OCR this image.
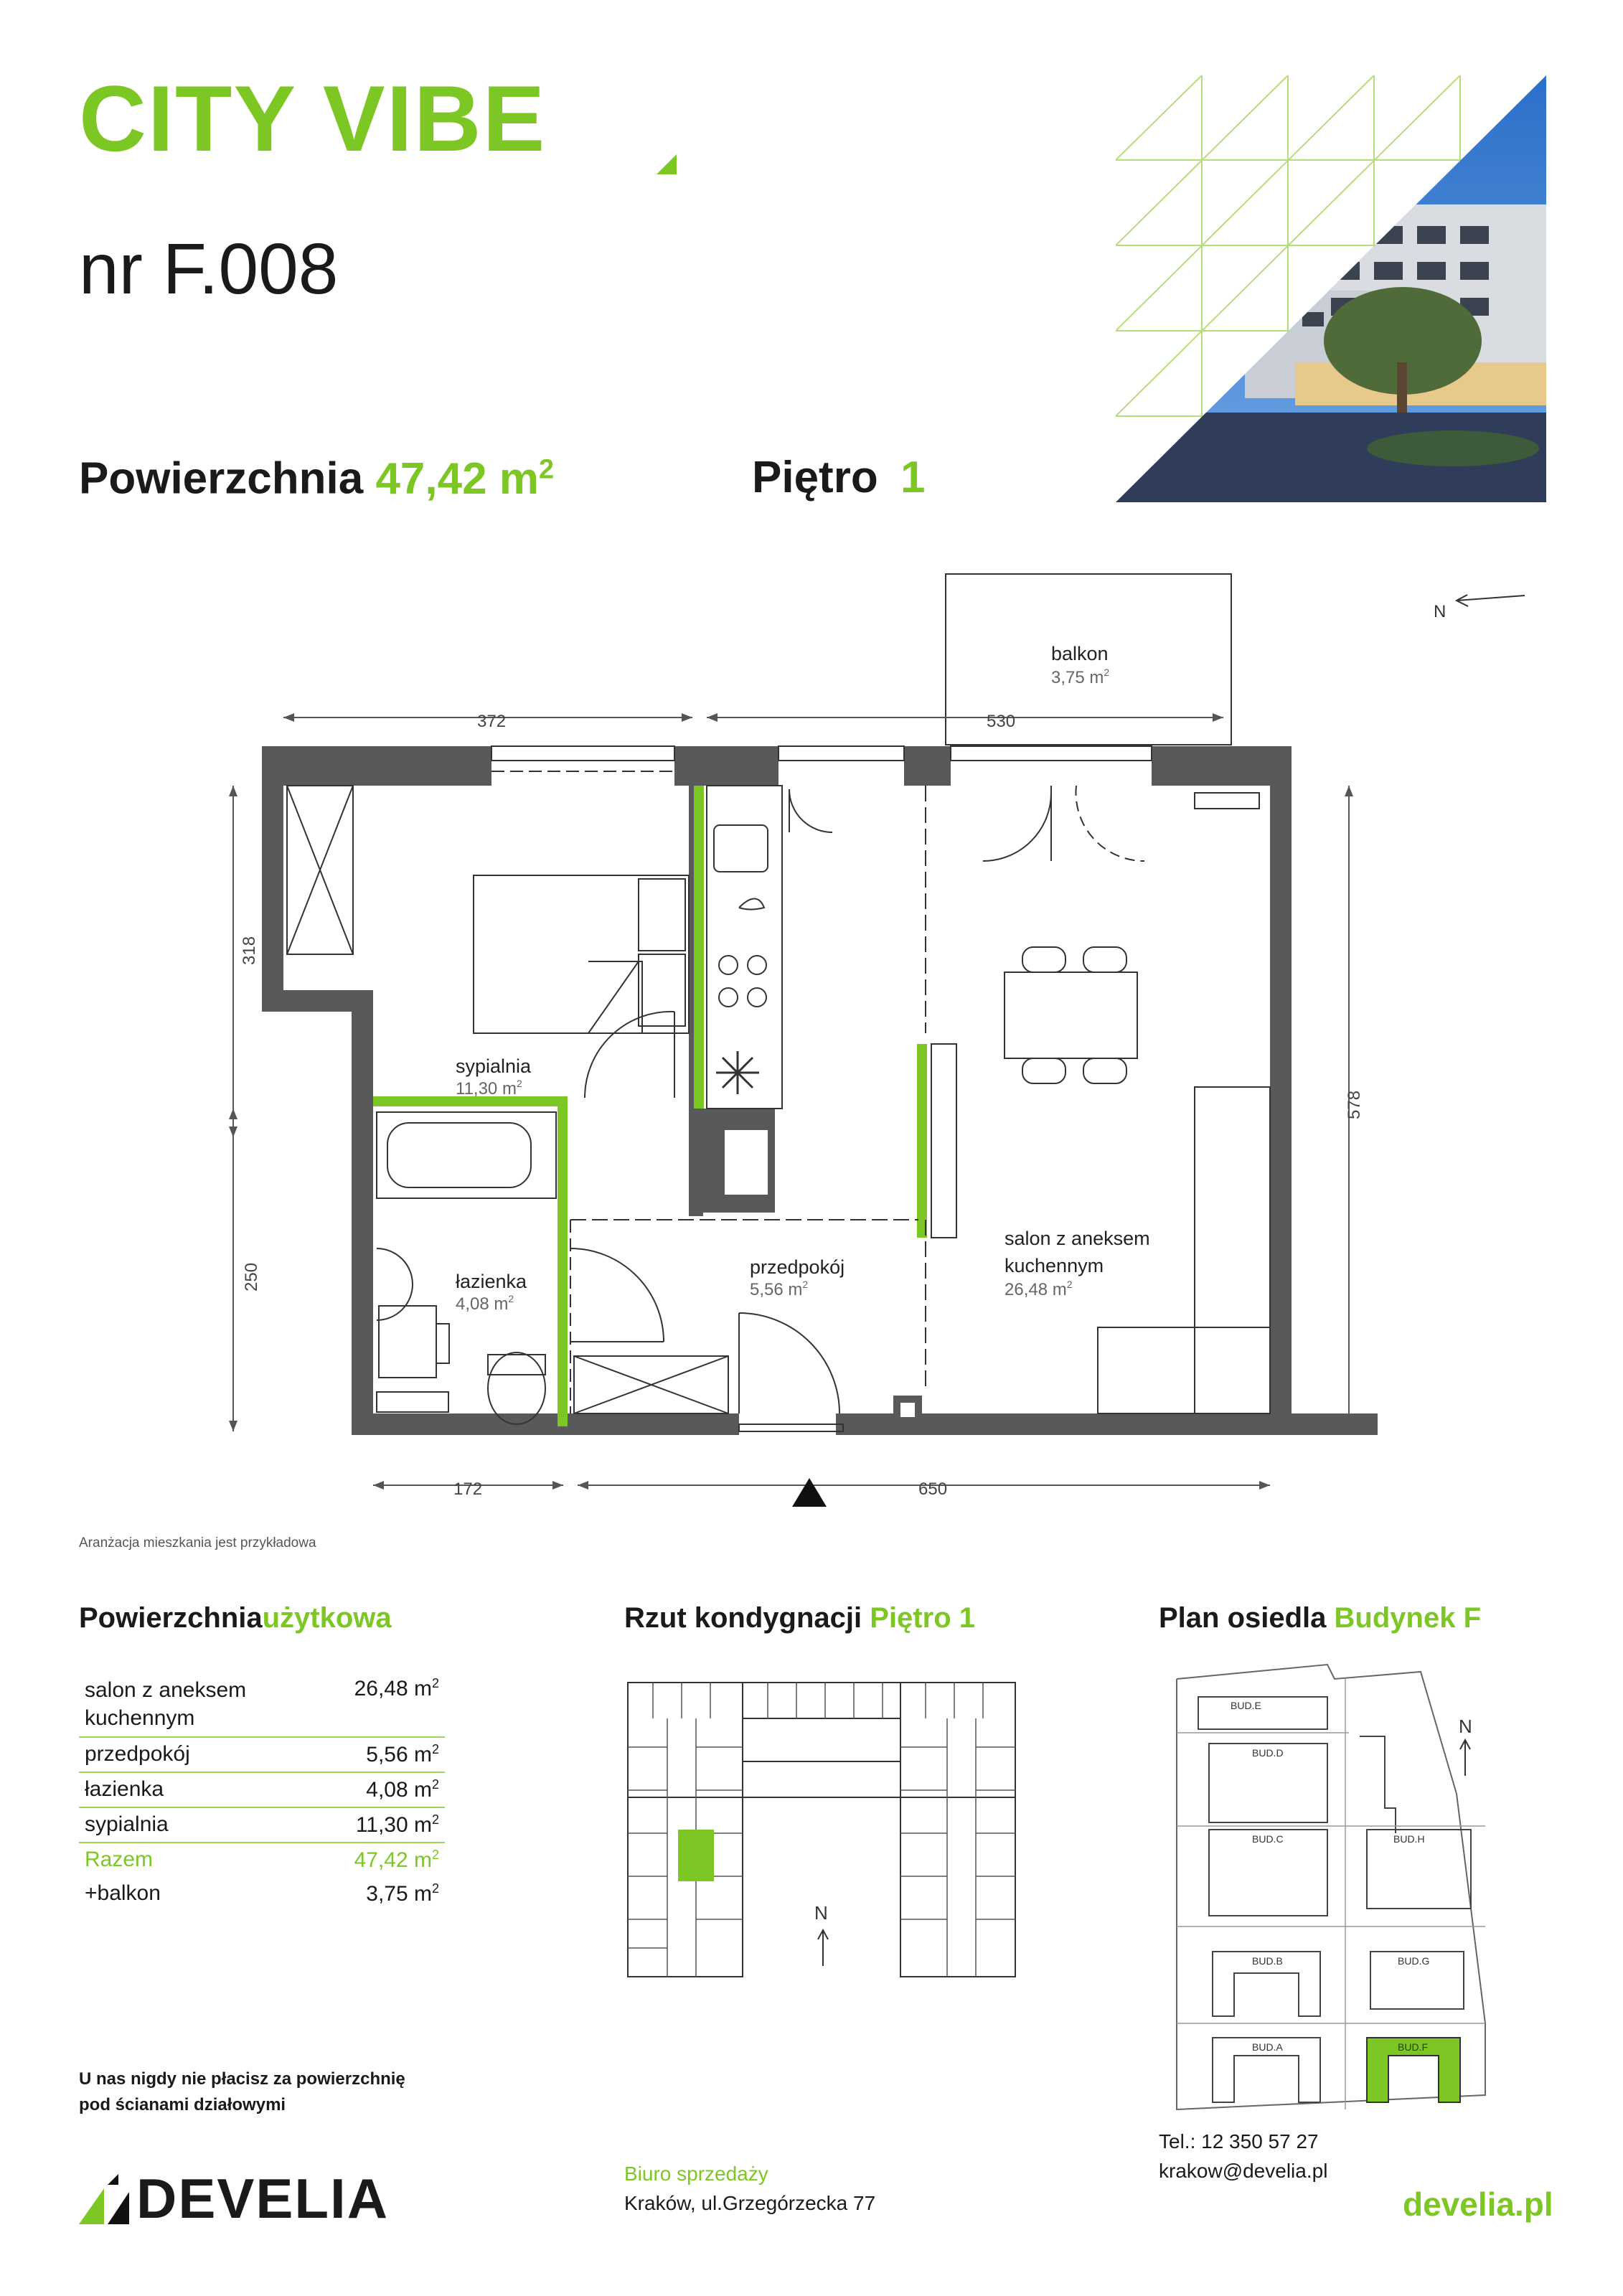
CITY VIBE
nr F.008
Powierzchnia 47,42 $m^2$	Piętro 1
N
372	530
318
250
578
172	650
balkon
3,75 $m^2$
sypialnia
11,30 $m^2$
łazienka
4,08 $m^2$
przedpokój
5,56 $m^2$
salon z aneksem
kuchennym
26,48 $m^2$
Aranżacja mieszkania jest przykładowa
Powierzchniaużytkowa
salon z aneksem kuchennym	26,48 $m^2$
przedpokój	5,56 $m^2$
łazienka	4,08 $m^2$
sypialnia	11,30 $m^2$
Razem	47,42 $m^2$
+balkon	3,75 $m^2$
Rzut kondygnacji Piętro 1
N
Plan osiedla Budynek F
BUD.E
BUD.D
BUD.C	BUD.H
BUD.B	BUD.G
BUD.A	BUD.F
N
U nas nigdy nie płacisz za powierzchnię
pod ścianami działowymi
DEVELIA	Biuro sprzedaży
Kraków, ul.Grzegórzecka 77
Tel.: 12 350 57 27
krakow@develia.pl
develia.pl
